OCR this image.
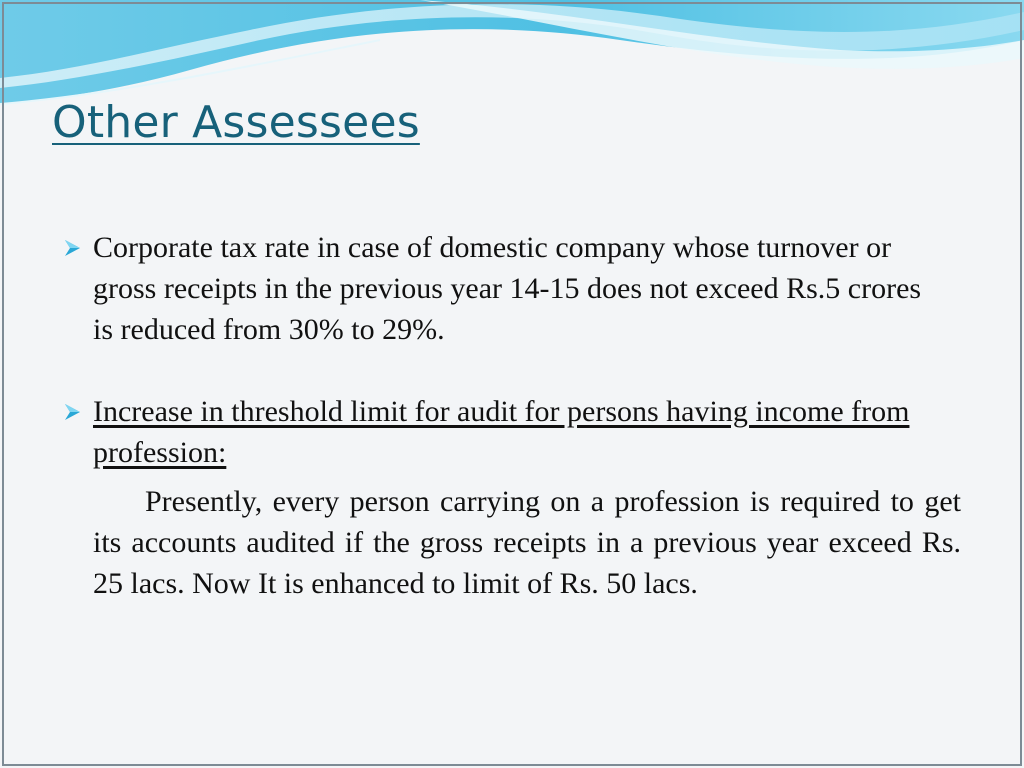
Other Assessees
Corporate tax rate in case of domestic company whose turnover or gross receipts in the previous year 14-15 does not exceed Rs.5 crores is reduced from 30% to 29%.
Increase in threshold limit for audit for persons having income from profession:
Presently, every person carrying on a profession is required to get its accounts audited if the gross receipts in a previous year exceed Rs. 25 lacs. Now It is enhanced to limit of Rs. 50 lacs.
